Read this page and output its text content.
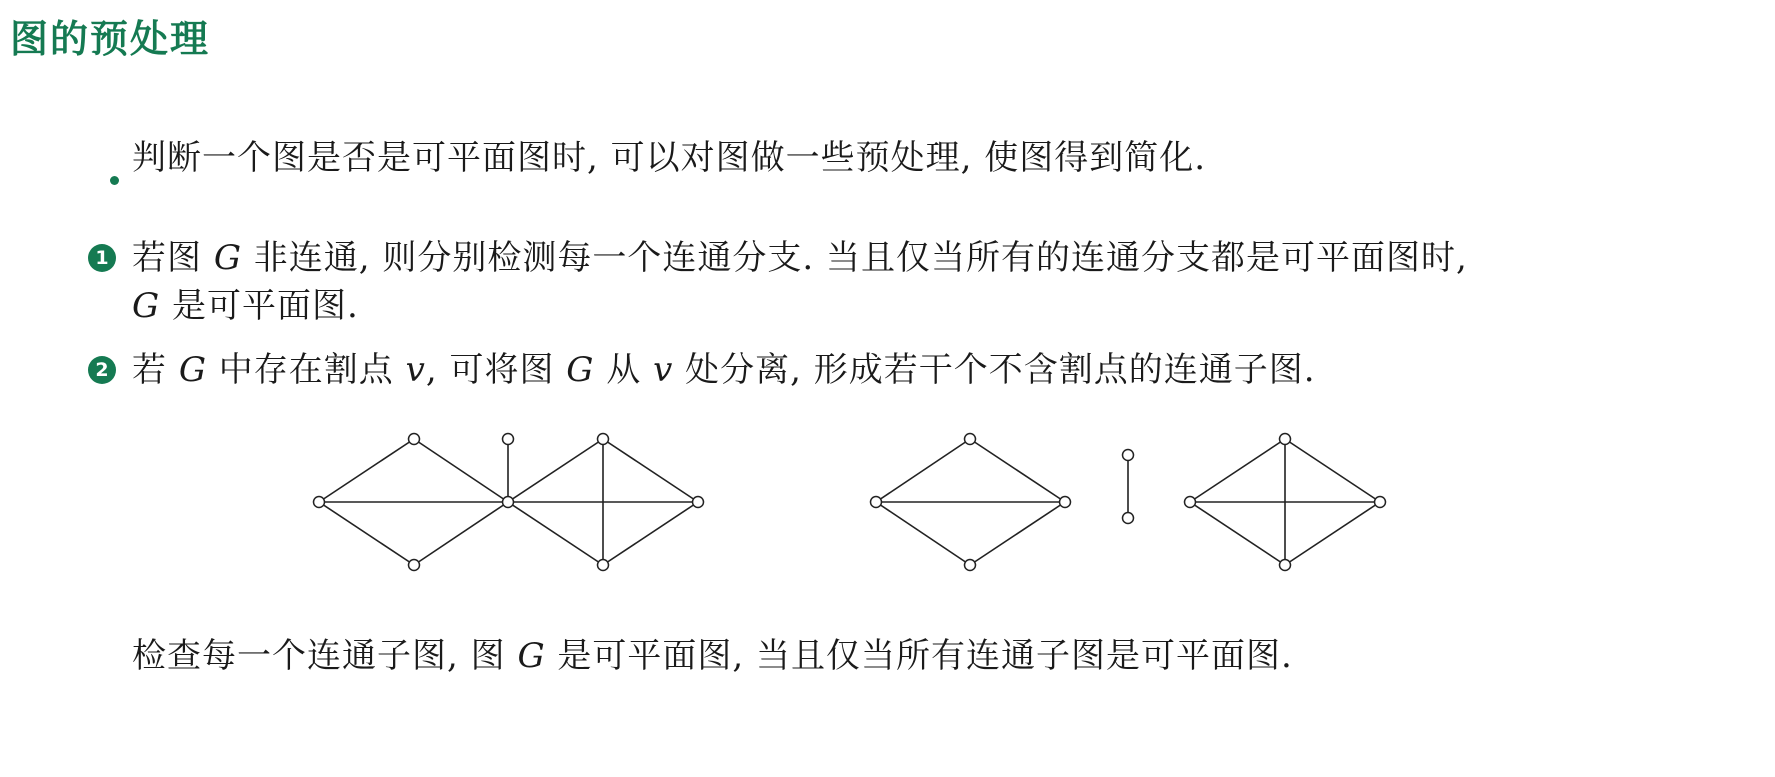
图的预处理
判断一个图是否是可平面图时, 可以对图做一些预处理, 使图得到简化.
1 若图 G 非连通, 则分别检测每一个连通分支. 当且仅当所有的连通分支都是可平面图时,
G 是可平面图.
2 若 G 中存在割点 v, 可将图 G 从 v 处分离, 形成若干个不含割点的连通子图.
检查每一个连通子图, 图 G 是可平面图, 当且仅当所有连通子图是可平面图.
